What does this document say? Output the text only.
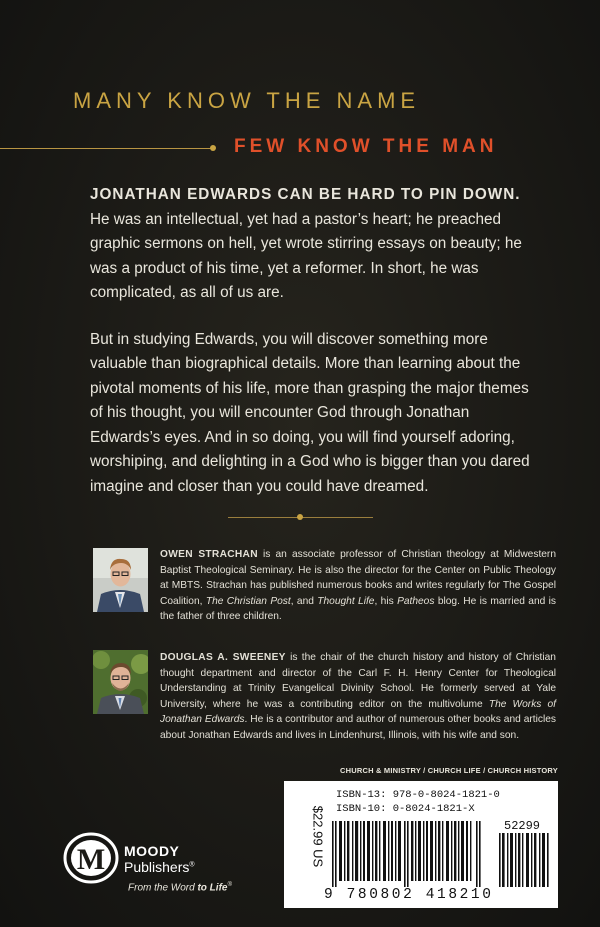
MANY KNOW THE NAME
FEW KNOW THE MAN

JONATHAN EDWARDS CAN BE HARD TO PIN DOWN. He was an intellectual, yet had a pastor’s heart; he preached graphic sermons on hell, yet wrote stirring essays on beauty; he was a product of his time, yet a reformer. In short, he was complicated, as all of us are.

But in studying Edwards, you will discover something more valuable than biographical details. More than learning about the pivotal moments of his life, more than grasping the major themes of his thought, you will encounter God through Jonathan Edwards’s eyes. And in so doing, you will find yourself adoring, worshiping, and delighting in a God who is bigger than you dared imagine and closer than you could have dreamed.

OWEN STRACHAN is an associate professor of Christian theology at Midwestern Baptist Theological Seminary. He is also the director for the Center on Public Theology at MBTS. Strachan has published numerous books and writes regularly for The Gospel Coalition, The Christian Post, and Thought Life, his Patheos blog. He is married and is the father of three children.
DOUGLAS A. SWEENEY is the chair of the church history and history of Christian thought department and director of the Carl F. H. Henry Center for Theological Understanding at Trinity Evangelical Divinity School. He formerly served at Yale University, where he was a contributing editor on the multivolume The Works of Jonathan Edwards. He is a contributor and author of numerous other books and articles about Jonathan Edwards and lives in Lindenhurst, Illinois, with his wife and son.
CHURCH & MINISTRY / CHURCH LIFE / CHURCH HISTORY
$22.99 US
ISBN-13: 978-0-8024-1821-0
ISBN-10: 0-8024-1821-X
52299
9 780802 418210
M MOODY
Publishers®
From the Word to Life®
